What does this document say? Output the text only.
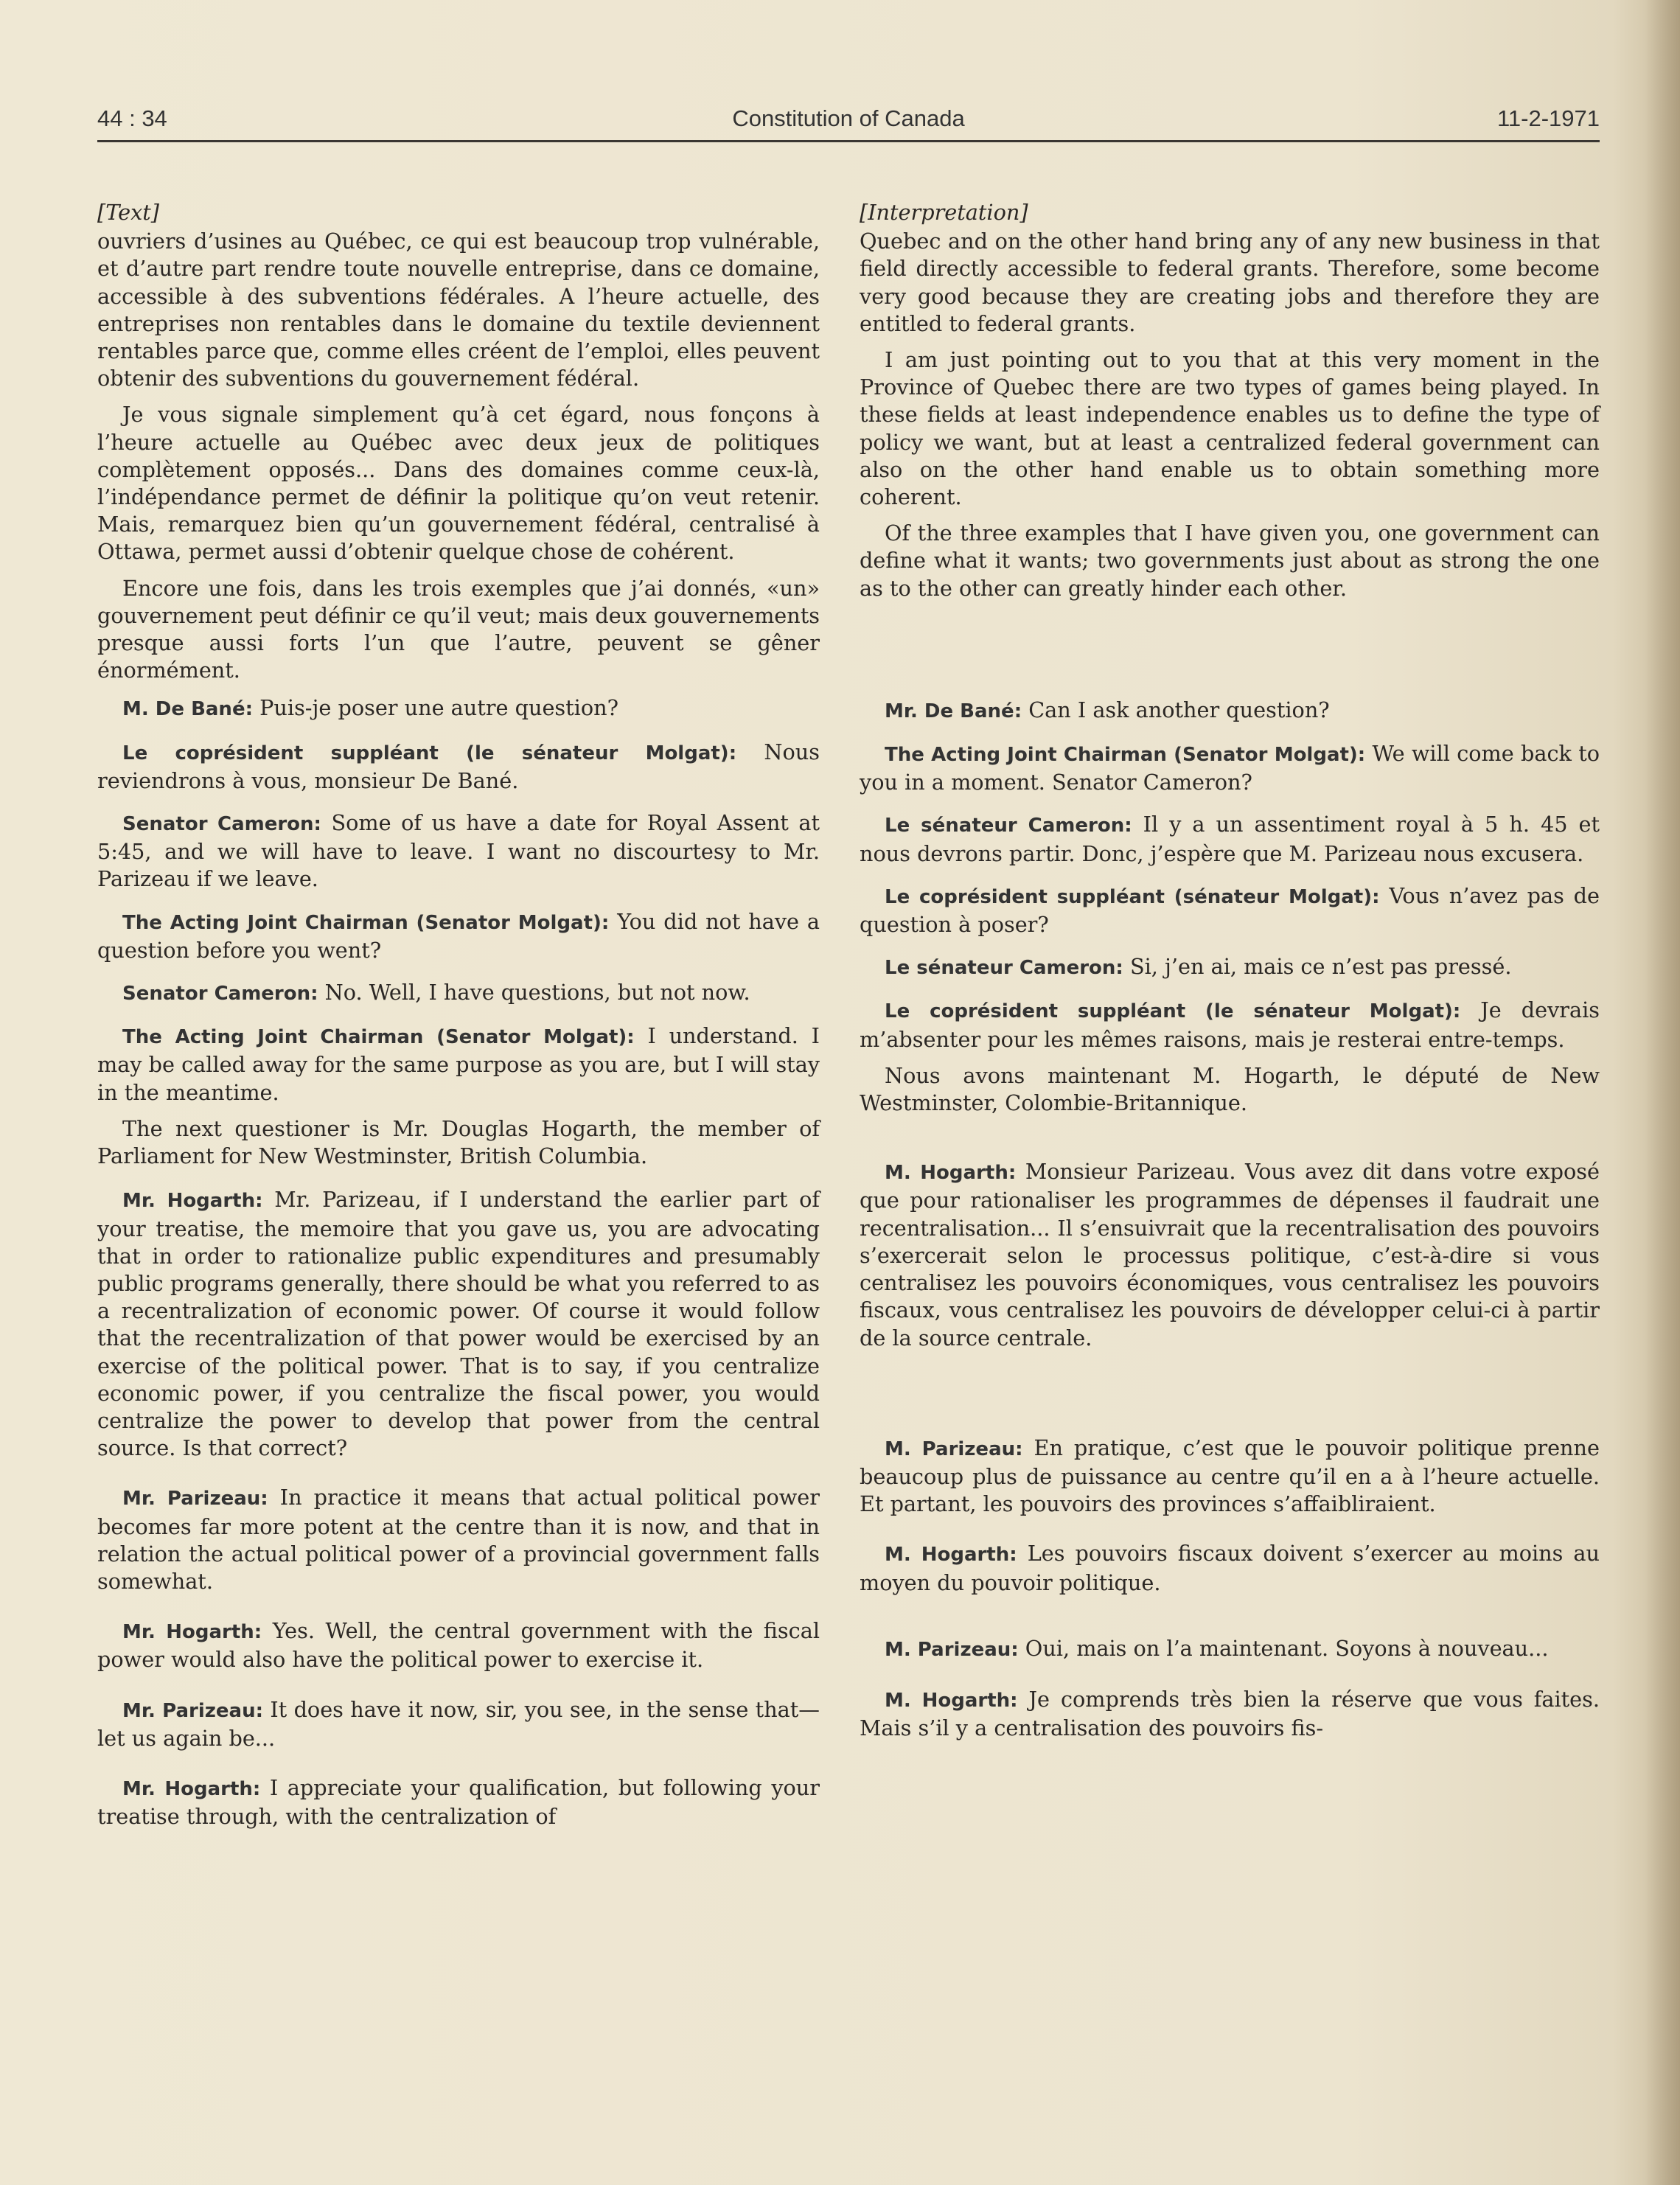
44 : 34	Constitution of Canada	11-2-1971
[Text]

ouvriers d’usines au Québec, ce qui est beaucoup trop vulnérable, et d’autre part rendre toute nouvelle entreprise, dans ce domaine, accessible à des subventions fédérales. A l’heure actuelle, des entreprises non rentables dans le domaine du textile deviennent rentables parce que, comme elles créent de l’emploi, elles peuvent obtenir des subventions du gouvernement fédéral.

Je vous signale simplement qu’à cet égard, nous fonçons à l’heure actuelle au Québec avec deux jeux de politiques complètement opposés... Dans des domaines comme ceux-là, l’indépendance permet de définir la politique qu’on veut retenir. Mais, remarquez bien qu’un gouvernement fédéral, centralisé à Ottawa, permet aussi d’obtenir quelque chose de cohérent.

Encore une fois, dans les trois exemples que j’ai donnés, «un» gouvernement peut définir ce qu’il veut; mais deux gouvernements presque aussi forts l’un que l’autre, peuvent se gêner énormément.

M. De Bané: Puis-je poser une autre question?

Le coprésident suppléant (le sénateur Molgat): Nous reviendrons à vous, monsieur De Bané.

Senator Cameron: Some of us have a date for Royal Assent at 5:45, and we will have to leave. I want no discourtesy to Mr. Parizeau if we leave.

The Acting Joint Chairman (Senator Molgat): You did not have a question before you went?

Senator Cameron: No. Well, I have questions, but not now.

The Acting Joint Chairman (Senator Molgat): I understand. I may be called away for the same purpose as you are, but I will stay in the meantime.

The next questioner is Mr. Douglas Hogarth, the member of Parliament for New Westminster, British Columbia.

Mr. Hogarth: Mr. Parizeau, if I understand the earlier part of your treatise, the memoire that you gave us, you are advocating that in order to rationalize public expenditures and presumably public programs generally, there should be what you referred to as a recentralization of economic power. Of course it would follow that the recentralization of that power would be exercised by an exercise of the political power. That is to say, if you centralize economic power, if you centralize the fiscal power, you would centralize the power to develop that power from the central source. Is that correct?

Mr. Parizeau: In practice it means that actual political power becomes far more potent at the centre than it is now, and that in relation the actual political power of a provincial government falls somewhat.

Mr. Hogarth: Yes. Well, the central government with the fiscal power would also have the political power to exercise it.

Mr. Parizeau: It does have it now, sir, you see, in the sense that—let us again be...

Mr. Hogarth: I appreciate your qualification, but following your treatise through, with the centralization of

[Interpretation]

Quebec and on the other hand bring any of any new business in that field directly accessible to federal grants. Therefore, some become very good because they are creating jobs and therefore they are entitled to federal grants.

I am just pointing out to you that at this very moment in the Province of Quebec there are two types of games being played. In these fields at least independence enables us to define the type of policy we want, but at least a centralized federal government can also on the other hand enable us to obtain something more coherent.

Of the three examples that I have given you, one government can define what it wants; two governments just about as strong the one as to the other can greatly hinder each other.

Mr. De Bané: Can I ask another question?

The Acting Joint Chairman (Senator Molgat): We will come back to you in a moment. Senator Cameron?

Le sénateur Cameron: Il y a un assentiment royal à 5 h. 45 et nous devrons partir. Donc, j’espère que M. Parizeau nous excusera.

Le coprésident suppléant (sénateur Molgat): Vous n’avez pas de question à poser?

Le sénateur Cameron: Si, j’en ai, mais ce n’est pas pressé.

Le coprésident suppléant (le sénateur Molgat): Je devrais m’absenter pour les mêmes raisons, mais je resterai entre-temps.

Nous avons maintenant M. Hogarth, le député de New Westminster, Colombie-Britannique.

M. Hogarth: Monsieur Parizeau. Vous avez dit dans votre exposé que pour rationaliser les programmes de dépenses il faudrait une recentralisation... Il s’ensuivrait que la recentralisation des pouvoirs s’exercerait selon le processus politique, c’est-à-dire si vous centralisez les pouvoirs économiques, vous centralisez les pouvoirs fiscaux, vous centralisez les pouvoirs de développer celui-ci à partir de la source centrale.

M. Parizeau: En pratique, c’est que le pouvoir politique prenne beaucoup plus de puissance au centre qu’il en a à l’heure actuelle. Et partant, les pouvoirs des provinces s’affaibliraient.

M. Hogarth: Les pouvoirs fiscaux doivent s’exercer au moins au moyen du pouvoir politique.

M. Parizeau: Oui, mais on l’a maintenant. Soyons à nouveau...

M. Hogarth: Je comprends très bien la réserve que vous faites. Mais s’il y a centralisation des pouvoirs fis-
